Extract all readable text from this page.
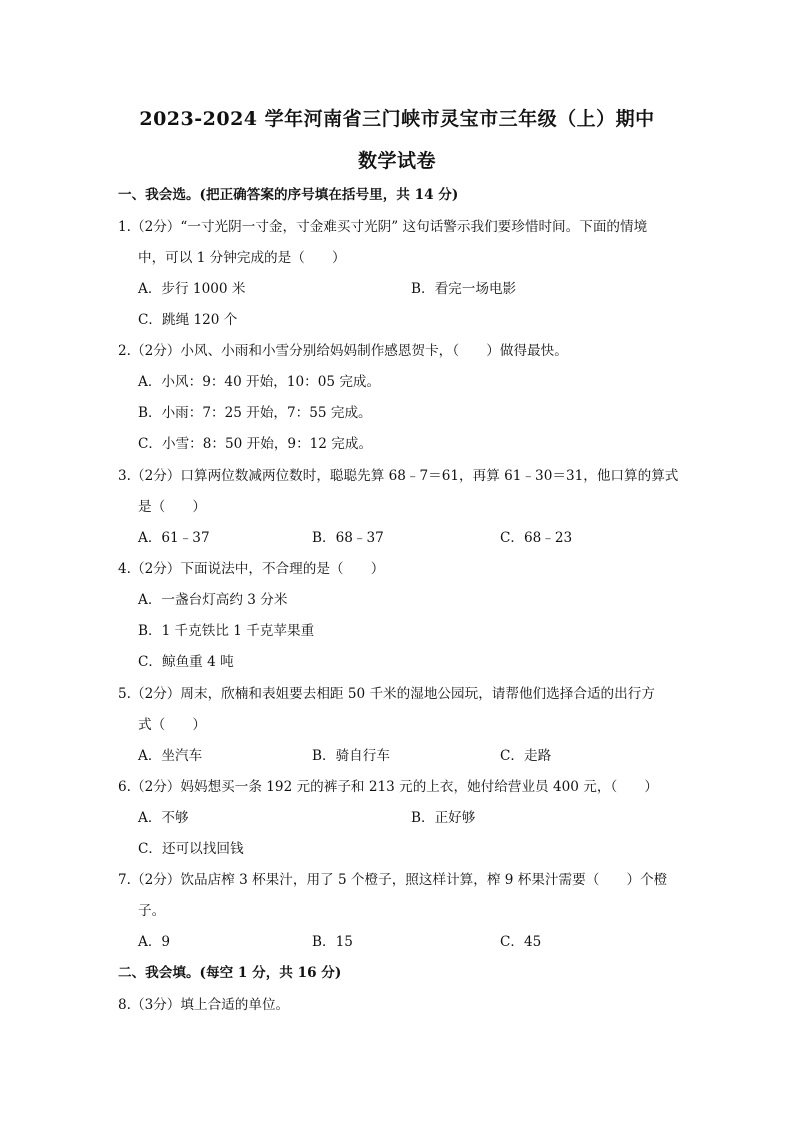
2023-2024 学年河南省三门峡市灵宝市三年级（上）期中
数学试卷
一、我会选。(把正确答案的序号填在括号里，共 14 分)
1.（2分）“一寸光阴一寸金，寸金难买寸光阴” 这句话警示我们要珍惜时间。下面的情境
中，可以 1 分钟完成的是（　　）
A．步行 1000 米	B．看完一场电影
C．跳绳 120 个
2.（2分）小风、小雨和小雪分别给妈妈制作感恩贺卡，（　　）做得最快。
A．小风：9：40 开始，10：05 完成。
B．小雨：7：25 开始，7：55 完成。
C．小雪：8：50 开始，9：12 完成。
3.（2分）口算两位数减两位数时，聪聪先算 68﹣7＝61，再算 61﹣30＝31，他口算的算式
是（　　）
A．61﹣37	B．68﹣37	C．68﹣23
4.（2分）下面说法中，不合理的是（　　）
A．一盏台灯高约 3 分米
B．1 千克铁比 1 千克苹果重
C．鲸鱼重 4 吨
5.（2分）周末，欣楠和表姐要去相距 50 千米的湿地公园玩，请帮他们选择合适的出行方
式（　　）
A．坐汽车	B．骑自行车	C．走路
6.（2分）妈妈想买一条 192 元的裤子和 213 元的上衣，她付给营业员 400 元，（　　）
A．不够	B．正好够
C．还可以找回钱
7.（2分）饮品店榨 3 杯果汁，用了 5 个橙子，照这样计算，榨 9 杯果汁需要（　　）个橙
子。
A．9	B．15	C．45
二、我会填。(每空 1 分，共 16 分)
8.（3分）填上合适的单位。
